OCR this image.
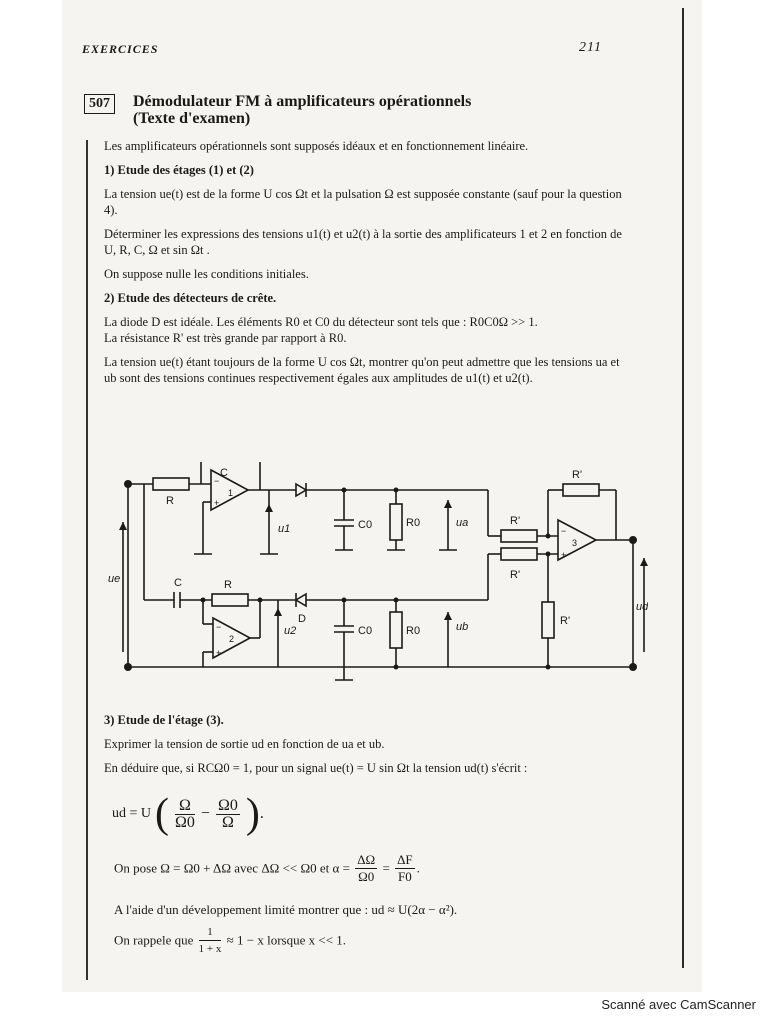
EXERCICES	211
507	Démodulateur FM à amplificateurs opérationnels
(Texte d'examen)

Les amplificateurs opérationnels sont supposés idéaux et en fonctionnement linéaire.

1) Etude des étages (1) et (2)

La tension ue(t) est de la forme U cos Ωt et la pulsation Ω est supposée constante (sauf pour la question 4).

Déterminer les expressions des tensions u1(t) et u2(t) à la sortie des amplificateurs 1 et 2 en fonction de U, R, C, Ω et sin Ωt .

On suppose nulle les conditions initiales.

2) Etude des détecteurs de crête.

La diode D est idéale. Les éléments R0 et C0 du détecteur sont tels que : R0C0Ω >> 1.

La résistance R' est très grande par rapport à R0.

La tension ue(t) étant toujours de la forme U cos Ωt, montrer qu'on peut admettre que les tensions ua et ub sont des tensions continues respectivement égales aux amplitudes de u1(t) et u2(t).

C
R
1
−
+
u1	C0	R0	ua
R'
R'
R'
3
−
+
ue	C	R
D
u2
2
−
+
C0	R0	ub	R'
ud

3) Etude de l'étage (3).

Exprimer la tension de sortie ud en fonction de ua et ub.

En déduire que, si RCΩ0 = 1, pour un signal ue(t) = U sin Ωt la tension ud(t) s'écrit :

ud = U ( $\frac{\Omega}{\Omega 0} - \frac{\Omega 0}{\Omega}$ ).
On pose Ω = Ω0 + ΔΩ avec ΔΩ << Ω0 et $\alpha = \frac{\Delta\Omega}{\Omega 0} = \frac{\Delta F}{F0}$ .
A l'aide d'un développement limité montrer que : ud ≈ U(2α − α²).
On rappele que $\frac{1}{1 + x} \approx 1 - x$ lorsque x << 1.
Scanné avec CamScanner
